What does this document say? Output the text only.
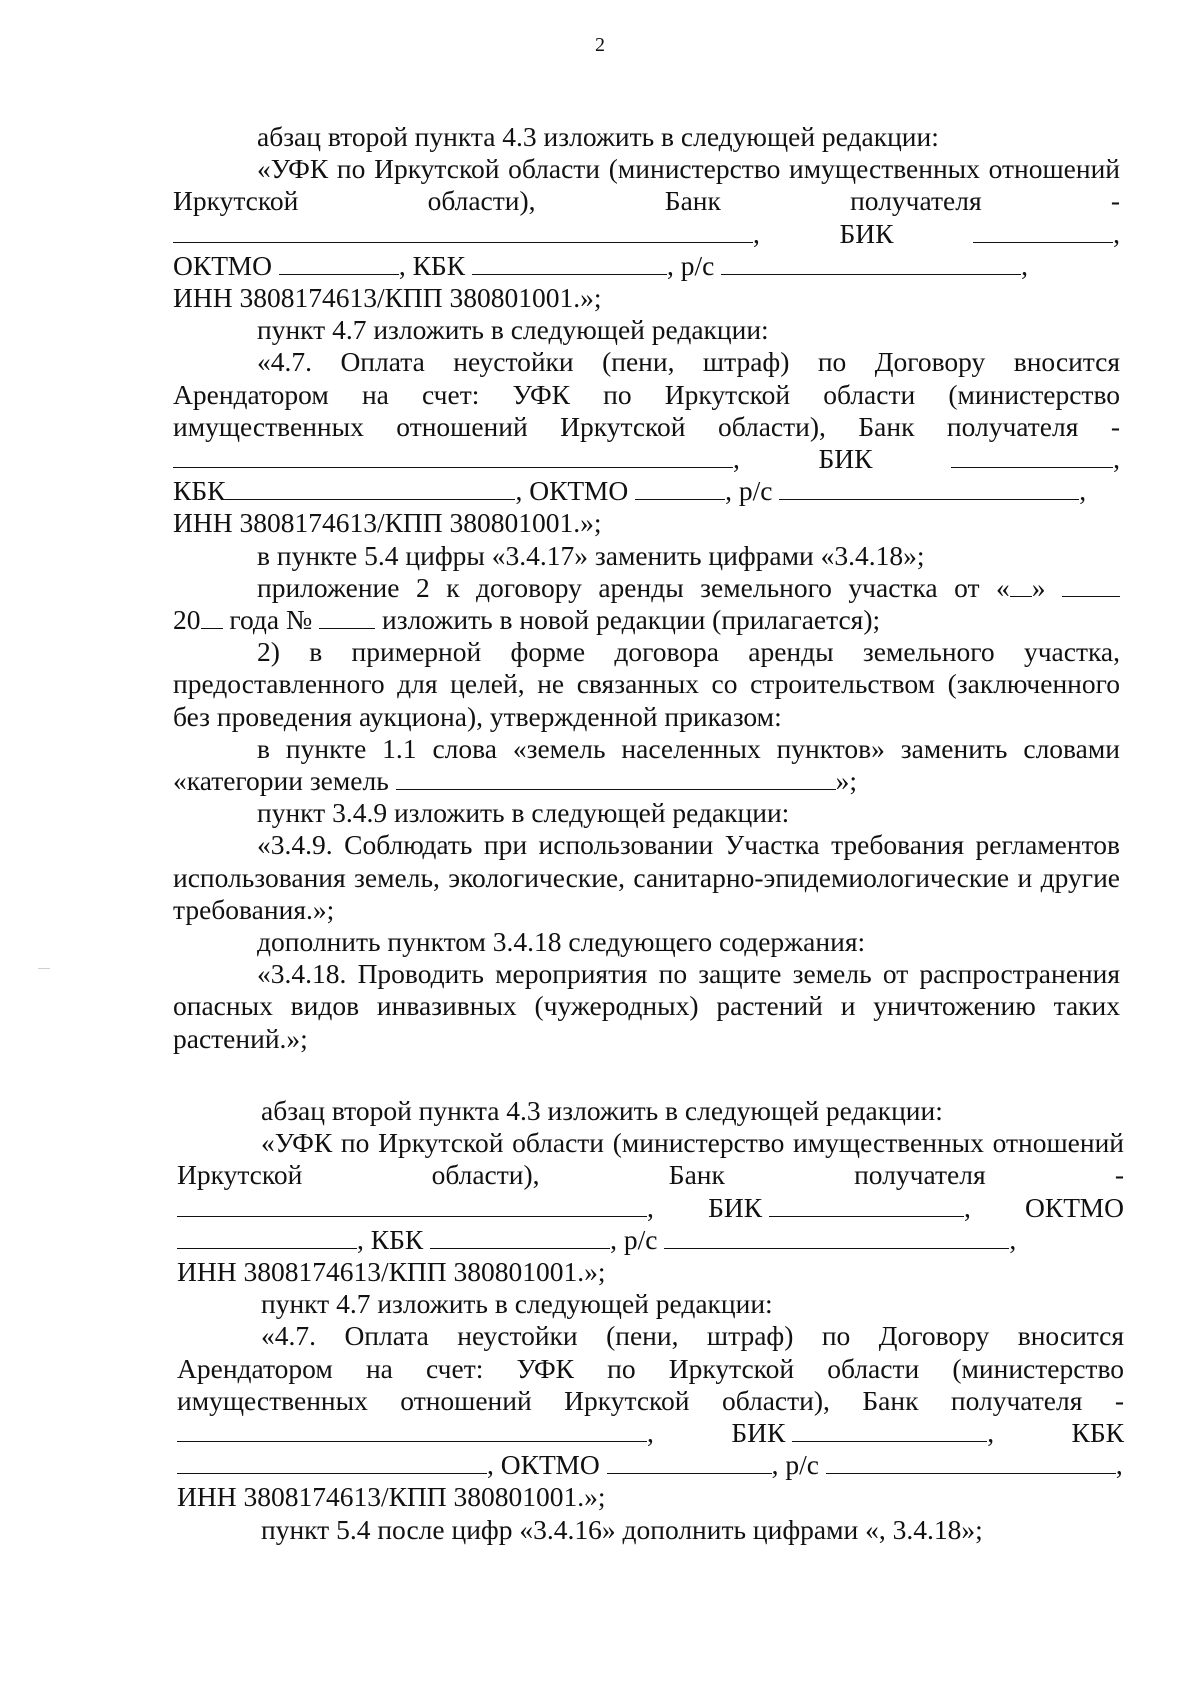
2

абзац второй пункта 4.3 изложить в следующей редакции:

«УФК по Иркутской области (министерство имущественных отношений Иркутской области), Банк получателя -

,	БИК	,
ОКТМО	, КБК	, р/с	,

ИНН 3808174613/КПП 380801001.»;

пункт 4.7 изложить в следующей редакции:

«4.7. Оплата неустойки (пени, штраф) по Договору вносится Арендатором на счет: УФК по Иркутской области (министерство имущественных отношений Иркутской области), Банк получателя -

,	БИК	,
КБК	, ОКТМО	, р/с	,

ИНН 3808174613/КПП 380801001.»;

в пункте 5.4 цифры «3.4.17» заменить цифрами «3.4.18»;

приложение 2 к договору аренды земельного участка от « »

20 года №	изложить в новой редакции (прилагается);

2) в примерной форме договора аренды земельного участка, предоставленного для целей, не связанных со строительством (заключенного без проведения аукциона), утвержденной приказом:

в пункте 1.1 слова «земель населенных пунктов» заменить словами «категории земель	»;

пункт 3.4.9 изложить в следующей редакции:

«3.4.9. Соблюдать при использовании Участка требования регламентов использования земель, экологические, санитарно-эпидемиологические и другие требования.»;

дополнить пунктом 3.4.18 следующего содержания:

«3.4.18. Проводить мероприятия по защите земель от распространения опасных видов инвазивных (чужеродных) растений и уничтожению таких растений.»;

абзац второй пункта 4.3 изложить в следующей редакции:

«УФК по Иркутской области (министерство имущественных отношений Иркутской области), Банк получателя -

, БИК	, ОКТМО
, КБК	, р/с	,

ИНН 3808174613/КПП 380801001.»;

пункт 4.7 изложить в следующей редакции:

«4.7. Оплата неустойки (пени, штраф) по Договору вносится Арендатором на счет: УФК по Иркутской области (министерство имущественных отношений Иркутской области), Банк получателя -

,	БИК	,	КБК
, ОКТМО	, р/с	,

ИНН 3808174613/КПП 380801001.»;

пункт 5.4 после цифр «3.4.16» дополнить цифрами «, 3.4.18»;
